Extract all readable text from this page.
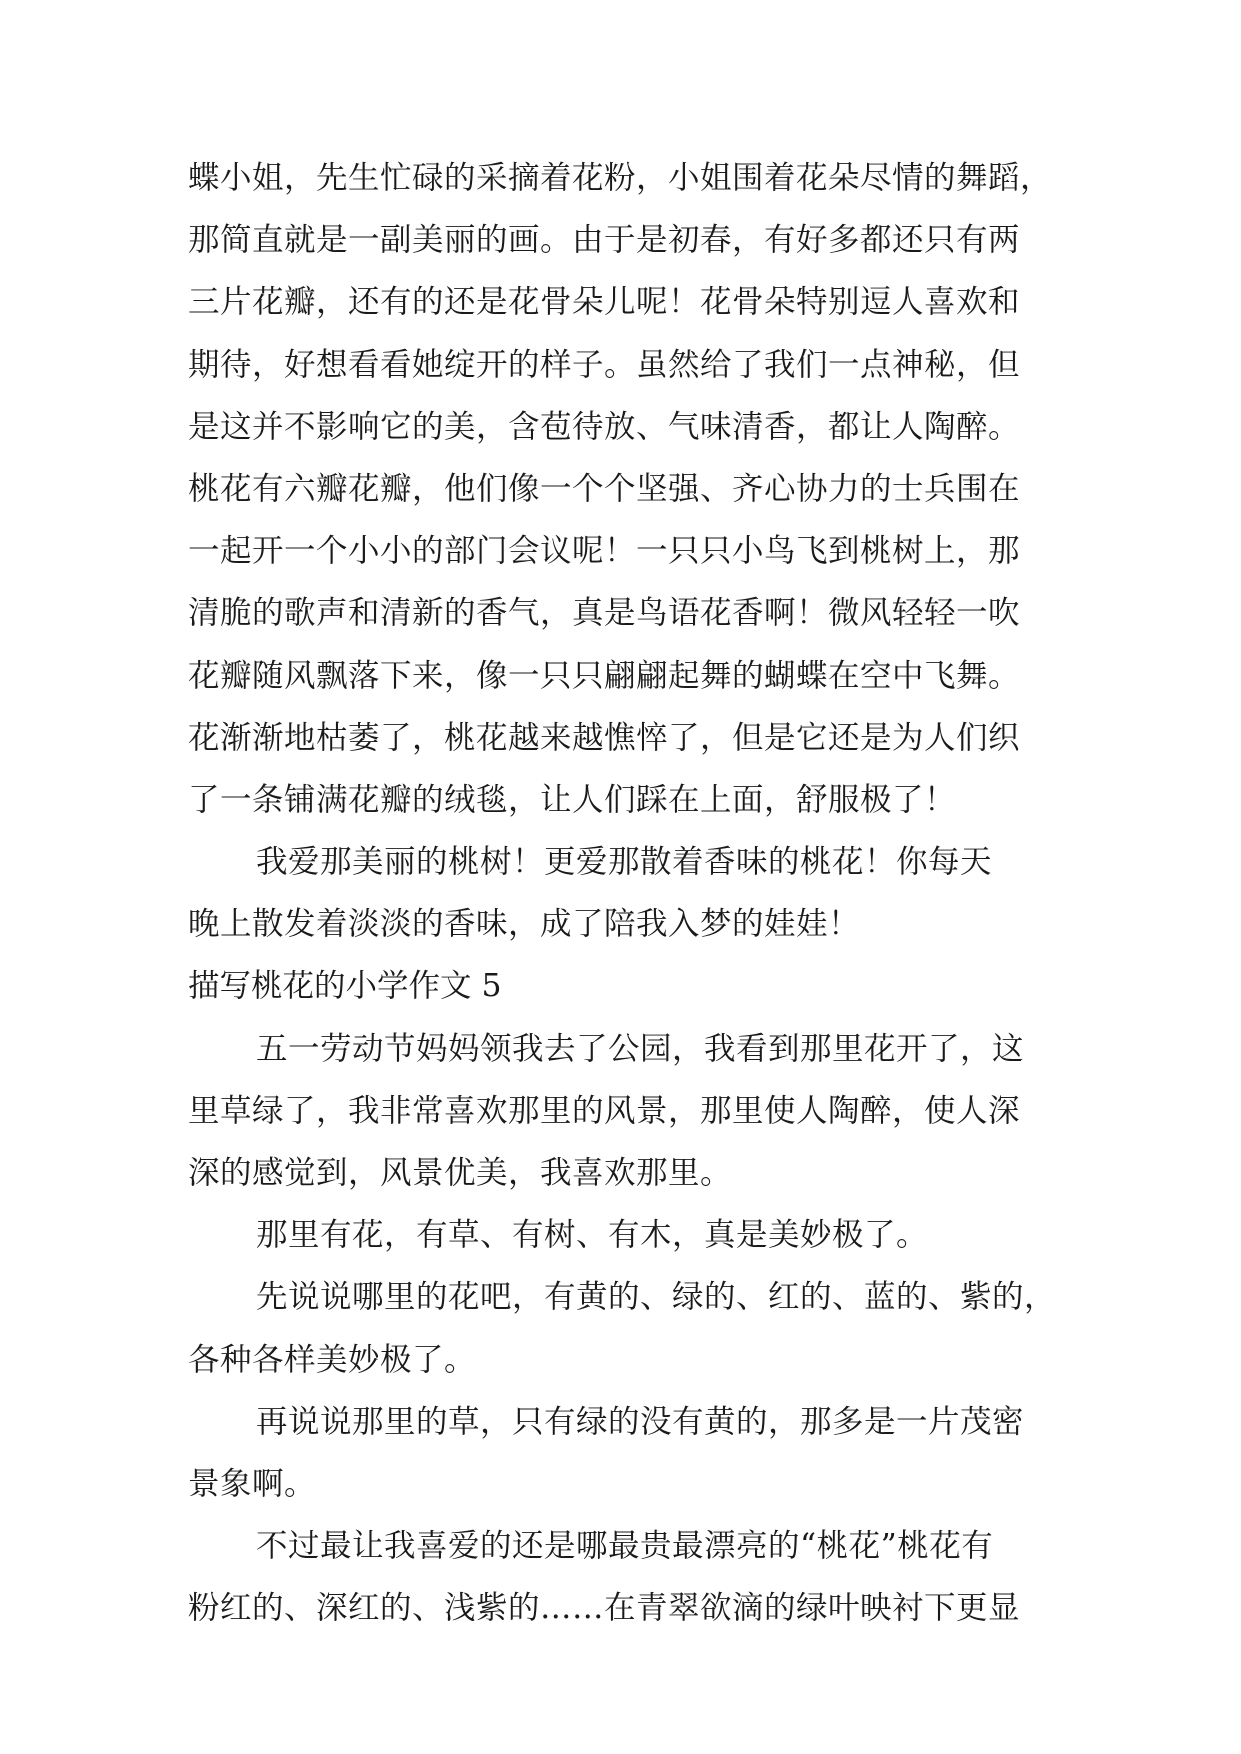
蝶小姐，先生忙碌的采摘着花粉，小姐围着花朵尽情的舞蹈，
那简直就是一副美丽的画。由于是初春，有好多都还只有两
三片花瓣，还有的还是花骨朵儿呢！花骨朵特别逗人喜欢和
期待，好想看看她绽开的样子。虽然给了我们一点神秘，但
是这并不影响它的美，含苞待放、气味清香，都让人陶醉。
桃花有六瓣花瓣，他们像一个个坚强、齐心协力的士兵围在
一起开一个小小的部门会议呢！一只只小鸟飞到桃树上，那
清脆的歌声和清新的香气，真是鸟语花香啊！微风轻轻一吹
花瓣随风飘落下来，像一只只翩翩起舞的蝴蝶在空中飞舞。
花渐渐地枯萎了，桃花越来越憔悴了，但是它还是为人们织
了一条铺满花瓣的绒毯，让人们踩在上面，舒服极了！
我爱那美丽的桃树！更爱那散着香味的桃花！你每天
晚上散发着淡淡的香味，成了陪我入梦的娃娃！
描写桃花的小学作文 5
五一劳动节妈妈领我去了公园，我看到那里花开了，这
里草绿了，我非常喜欢那里的风景，那里使人陶醉，使人深
深的感觉到，风景优美，我喜欢那里。
那里有花，有草、有树、有木，真是美妙极了。
先说说哪里的花吧，有黄的、绿的、红的、蓝的、紫的，
各种各样美妙极了。
再说说那里的草，只有绿的没有黄的，那多是一片茂密
景象啊。
不过最让我喜爱的还是哪最贵最漂亮的“桃花”桃花有
粉红的、深红的、浅紫的……在青翠欲滴的绿叶映衬下更显
